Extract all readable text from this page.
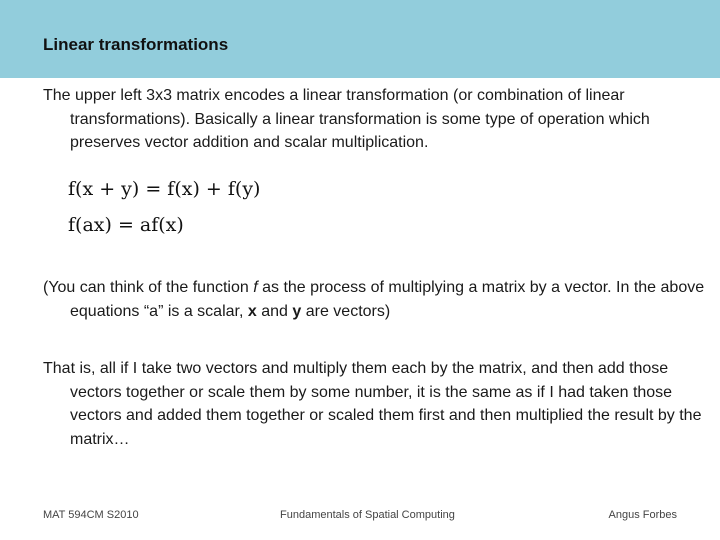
Linear transformations
The upper left 3x3 matrix encodes a linear transformation (or combination of linear transformations). Basically a linear transformation is some type of operation which preserves vector addition and scalar multiplication.
f(x + y) = f(x) + f(y)
f(ax) = af(x)
(You can think of the function f as the process of multiplying a matrix by a vector. In the above equations “a” is a scalar, x and y are vectors)
That is, all if I take two vectors and multiply them each by the matrix, and then add those vectors together or scale them by some number, it is the same as if I had taken those vectors and added them together or scaled them first and then multiplied the result by the matrix…
MAT 594CM S2010	Fundamentals of Spatial Computing	Angus Forbes
